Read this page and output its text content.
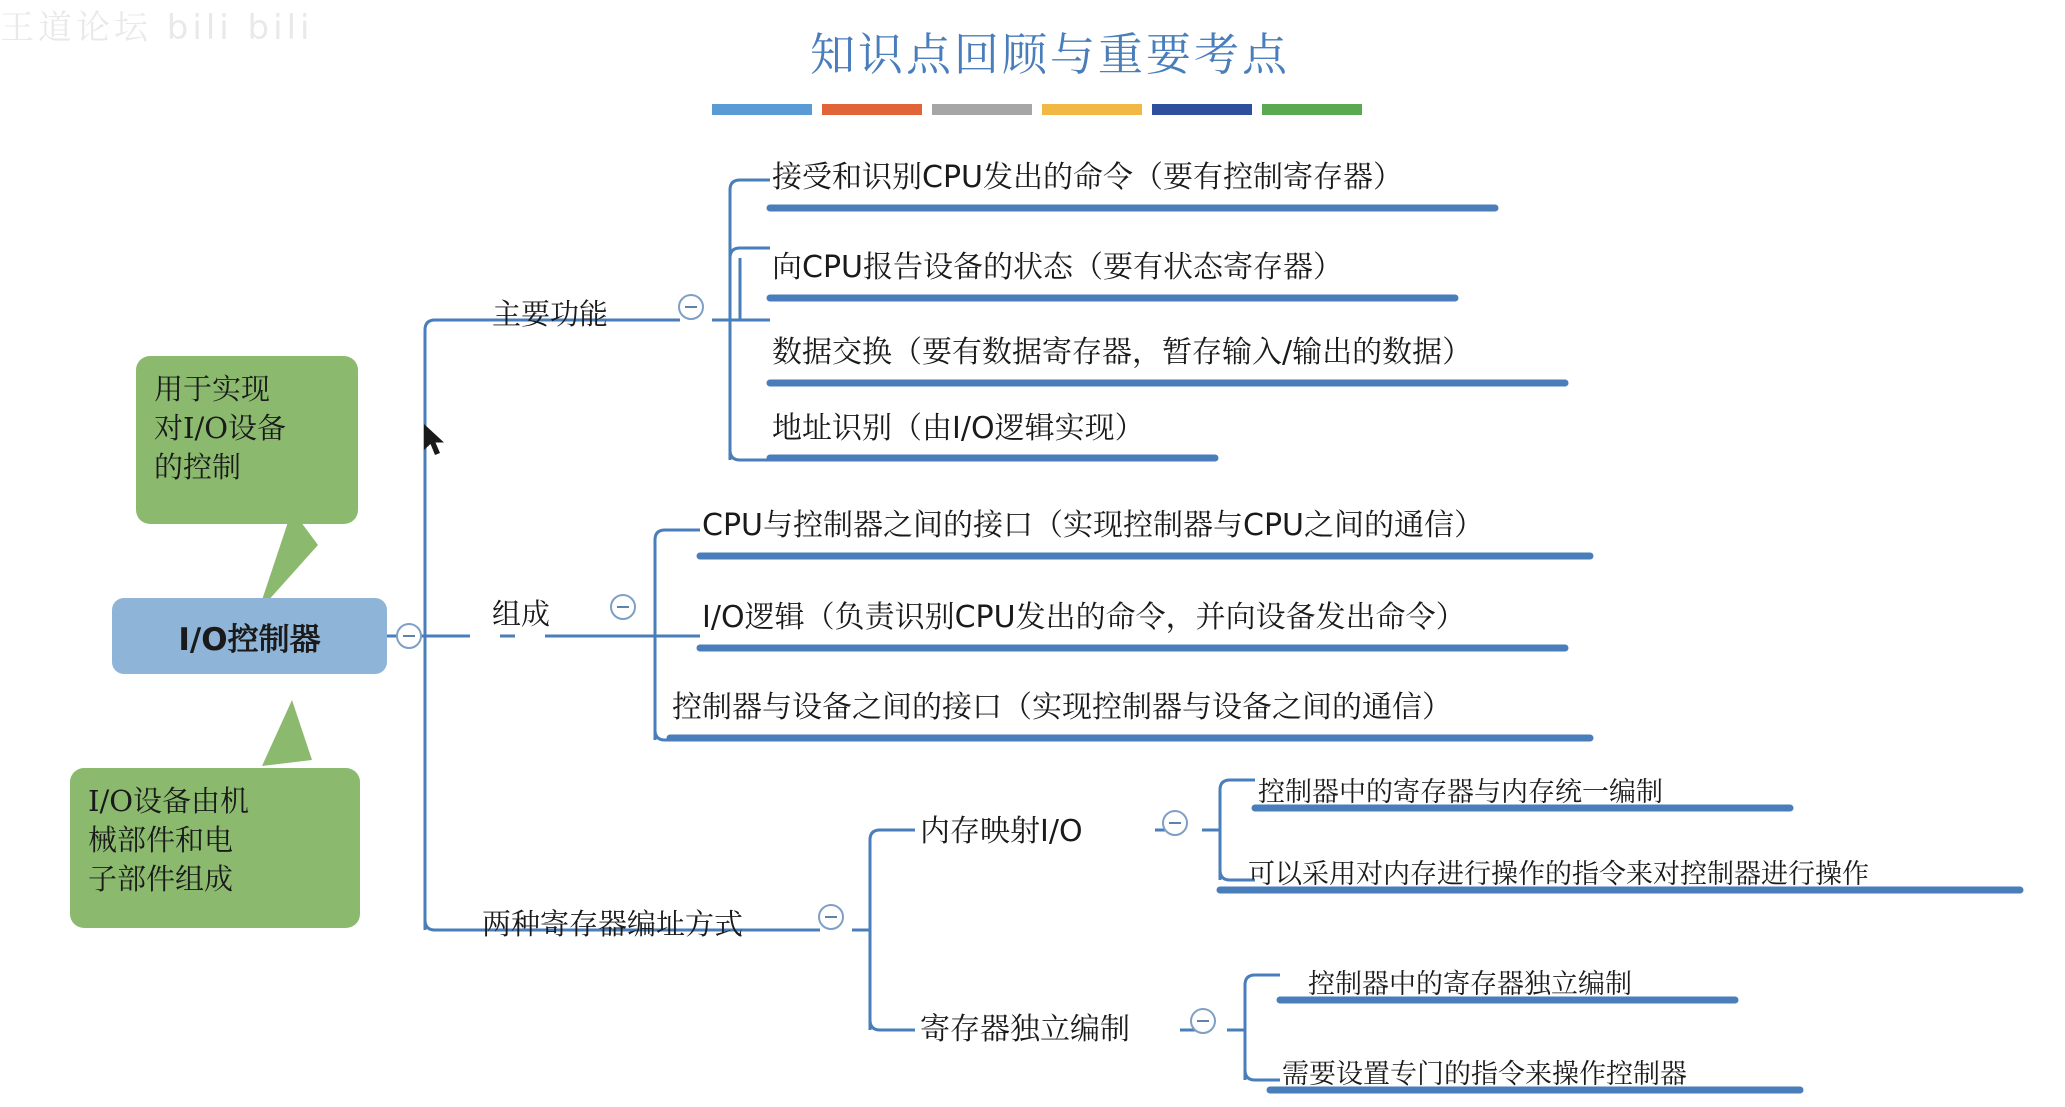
王道论坛 bili bili	知识点回顾与重要考点
I/O控制器
用于实现
对I/O设备
的控制
I/O设备由机
械部件和电
子部件组成
主要功能
接受和识别CPU发出的命令（要有控制寄存器）
向CPU报告设备的状态（要有状态寄存器）
数据交换（要有数据寄存器，暂存输入/输出的数据）
地址识别（由I/O逻辑实现）
组成
CPU与控制器之间的接口（实现控制器与CPU之间的通信）
I/O逻辑（负责识别CPU发出的命令，并向设备发出命令）
控制器与设备之间的接口（实现控制器与设备之间的通信）
两种寄存器编址方式
内存映射I/O
控制器中的寄存器与内存统一编制
可以采用对内存进行操作的指令来对控制器进行操作
寄存器独立编制
控制器中的寄存器独立编制
需要设置专门的指令来操作控制器
